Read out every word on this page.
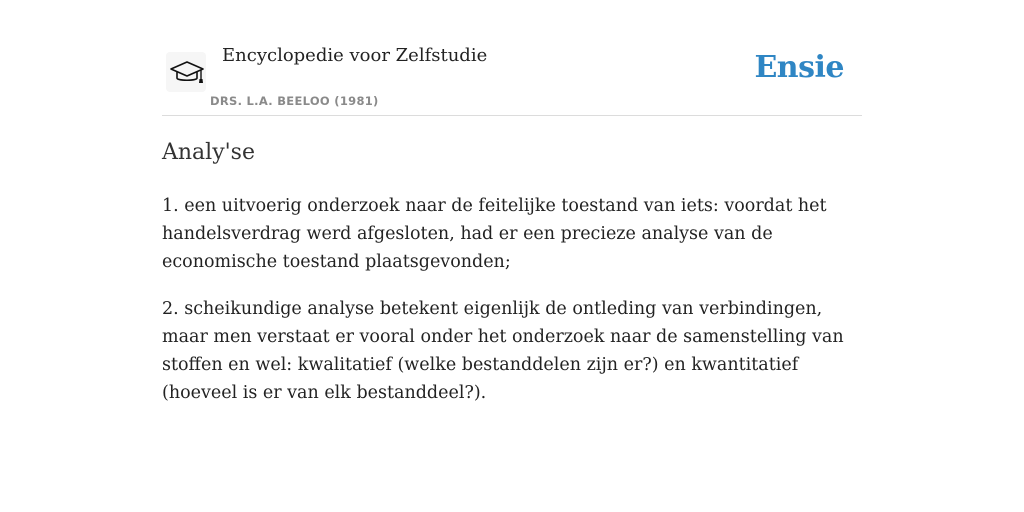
Encyclopedie voor Zelfstudie
DRS. L.A. BEELOO (1981)
Ensie
Analy'se

1. een uitvoerig onderzoek naar de feitelijke toestand van iets: voordat het handelsverdrag werd afgesloten, had er een precieze analyse van de economische toestand plaatsgevonden;

2. scheikundige analyse betekent eigenlijk de ontleding van verbindingen, maar men verstaat er vooral onder het onderzoek naar de samenstelling van stoffen en wel: kwalitatief (welke bestanddelen zijn er?) en kwantitatief (hoeveel is er van elk bestanddeel?).
